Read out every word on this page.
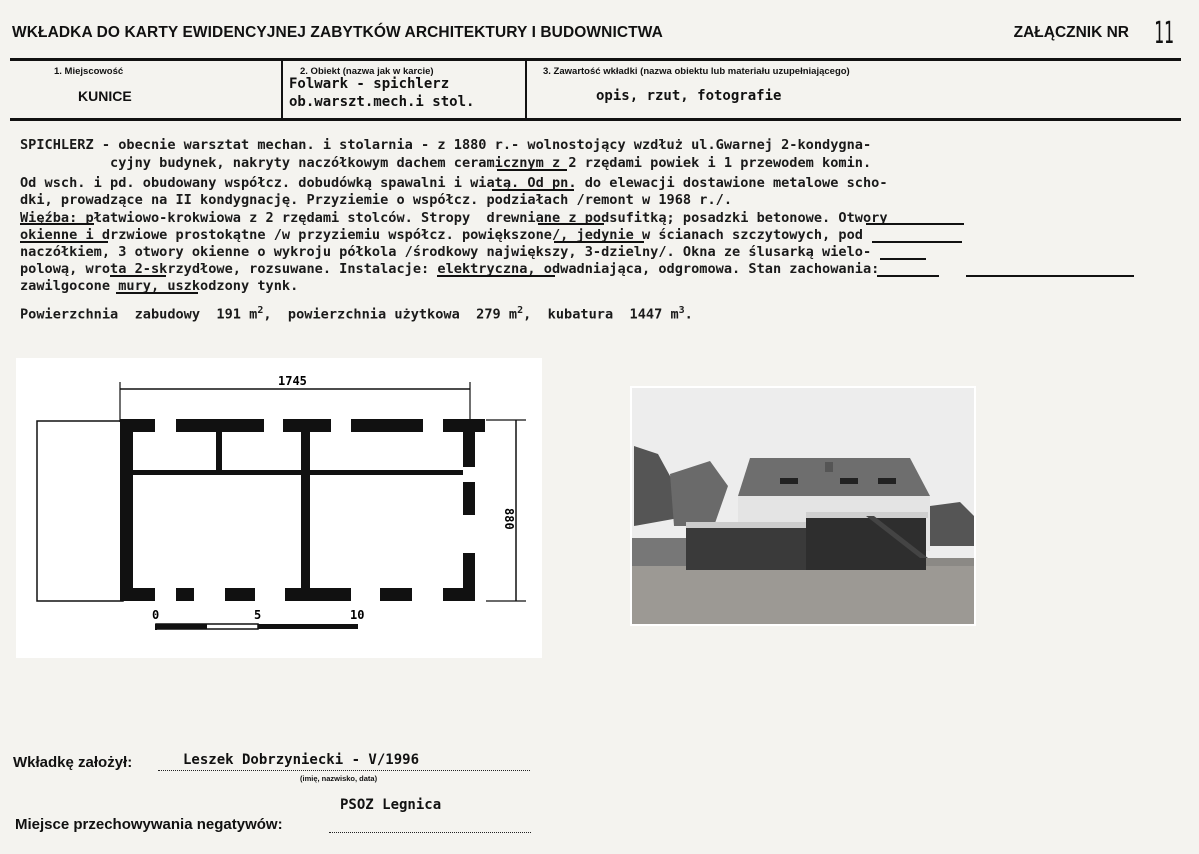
WKŁADKA DO KARTY EWIDENCYJNEJ ZABYTKÓW ARCHITEKTURY I BUDOWNICTWA	ZAŁĄCZNIK NR 11
1. Miejscowość
KUNICE
2. Obiekt (nazwa jak w karcie)
Folwark - spichlerz
ob.warszt.mech.i stol.
3. Zawartość wkładki (nazwa obiektu lub materiału uzupełniającego)
opis, rzut, fotografie
SPICHLERZ - obecnie warsztat mechan. i stolarnia - z 1880 r.- wolnostojący wzdłuż ul.Gwarnej 2-kondygna-
cyjny budynek, nakryty naczółkowym dachem ceramicznym z 2 rzędami powiek i 1 przewodem komin.
Od wsch. i pd. obudowany współcz. dobudówką spawalni i wiatą. Od pn. do elewacji dostawione metalowe scho-
dki, prowadzące na II kondygnację. Przyziemie o współcz. podziałach /remont w 1968 r./.
Więźba: płatwiowo-krokwiowa z 2 rzędami stolców. Stropy  drewniane z podsufitką; posadzki betonowe. Otwory
okienne i drzwiowe prostokątne /w przyziemiu współcz. powiększone/, jedynie w ścianach szczytowych, pod
naczółkiem, 3 otwory okienne o wykroju półkola /środkowy największy, 3-dzielny/. Okna ze ślusarką wielo-
polową, wrota 2-skrzydłowe, rozsuwane. Instalacje: elektryczna, odwadniająca, odgromowa. Stan zachowania:
zawilgocone mury, uszkodzony tynk.
Powierzchnia  zabudowy  191 $m^2$,  powierzchnia użytkowa  279 $m^2$,  kubatura  1447 $m^3$.
1745
880
0	5	10
Wkładkę założył:	Leszek Dobrzyniecki - V/1996
(imię, nazwisko, data)
PSOZ Legnica
Miejsce przechowywania negatywów:
